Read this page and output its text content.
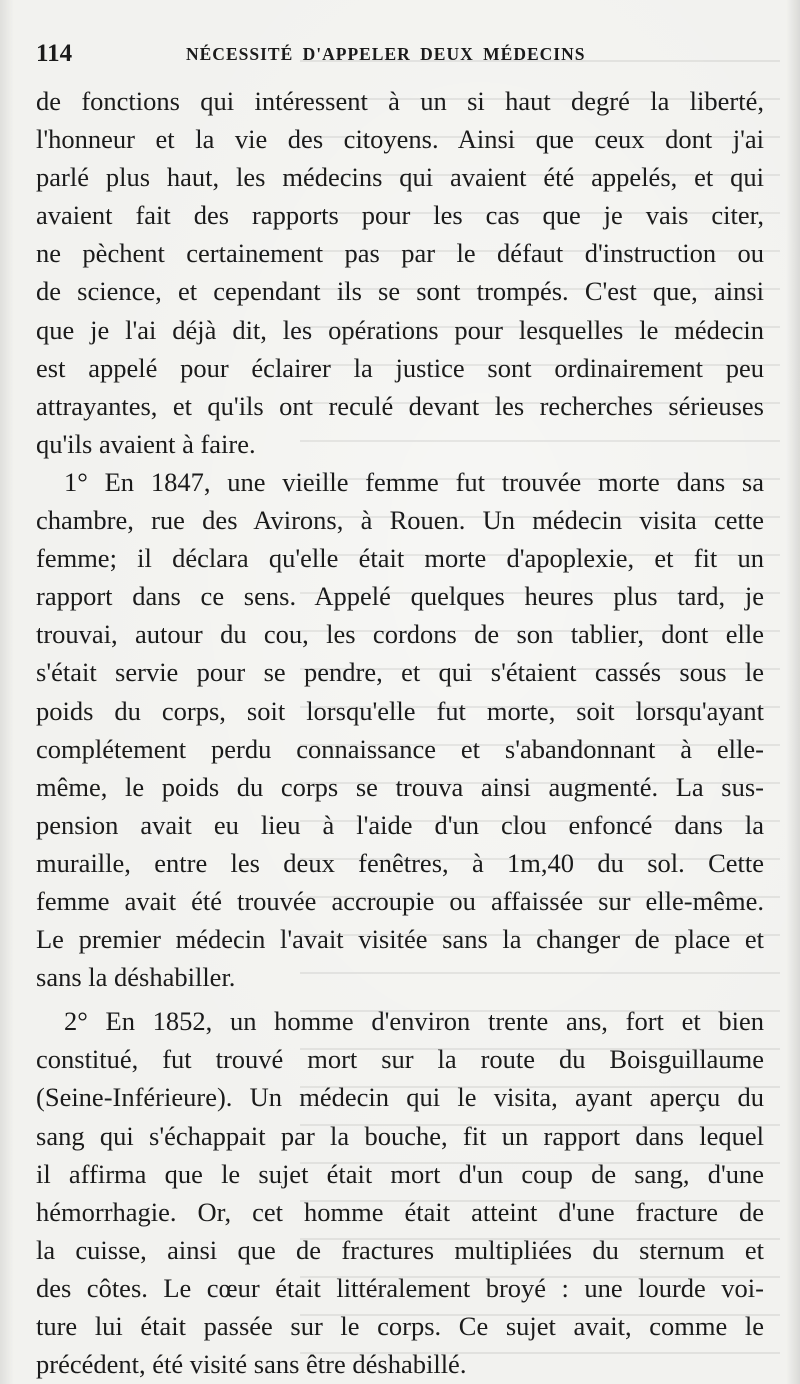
114	NÉCESSITÉ D'APPELER DEUX MÉDECINS
de fonctions qui intéressent à un si haut degré la liberté,
l'honneur et la vie des citoyens. Ainsi que ceux dont j'ai
parlé plus haut, les médecins qui avaient été appelés, et qui
avaient fait des rapports pour les cas que je vais citer,
ne pèchent certainement pas par le défaut d'instruction ou
de science, et cependant ils se sont trompés. C'est que, ainsi
que je l'ai déjà dit, les opérations pour lesquelles le médecin
est appelé pour éclairer la justice sont ordinairement peu
attrayantes, et qu'ils ont reculé devant les recherches sérieuses
qu'ils avaient à faire.
1° En 1847, une vieille femme fut trouvée morte dans sa
chambre, rue des Avirons, à Rouen. Un médecin visita cette
femme; il déclara qu'elle était morte d'apoplexie, et fit un
rapport dans ce sens. Appelé quelques heures plus tard, je
trouvai, autour du cou, les cordons de son tablier, dont elle
s'était servie pour se pendre, et qui s'étaient cassés sous le
poids du corps, soit lorsqu'elle fut morte, soit lorsqu'ayant
complétement perdu connaissance et s'abandonnant à elle-
même, le poids du corps se trouva ainsi augmenté. La sus-
pension avait eu lieu à l'aide d'un clou enfoncé dans la
muraille, entre les deux fenêtres, à 1m,40 du sol. Cette
femme avait été trouvée accroupie ou affaissée sur elle-même.
Le premier médecin l'avait visitée sans la changer de place et
sans la déshabiller.
2° En 1852, un homme d'environ trente ans, fort et bien
constitué, fut trouvé mort sur la route du Boisguillaume
(Seine-Inférieure). Un médecin qui le visita, ayant aperçu du
sang qui s'échappait par la bouche, fit un rapport dans lequel
il affirma que le sujet était mort d'un coup de sang, d'une
hémorrhagie. Or, cet homme était atteint d'une fracture de
la cuisse, ainsi que de fractures multipliées du sternum et
des côtes. Le cœur était littéralement broyé : une lourde voi-
ture lui était passée sur le corps. Ce sujet avait, comme le
précédent, été visité sans être déshabillé.
